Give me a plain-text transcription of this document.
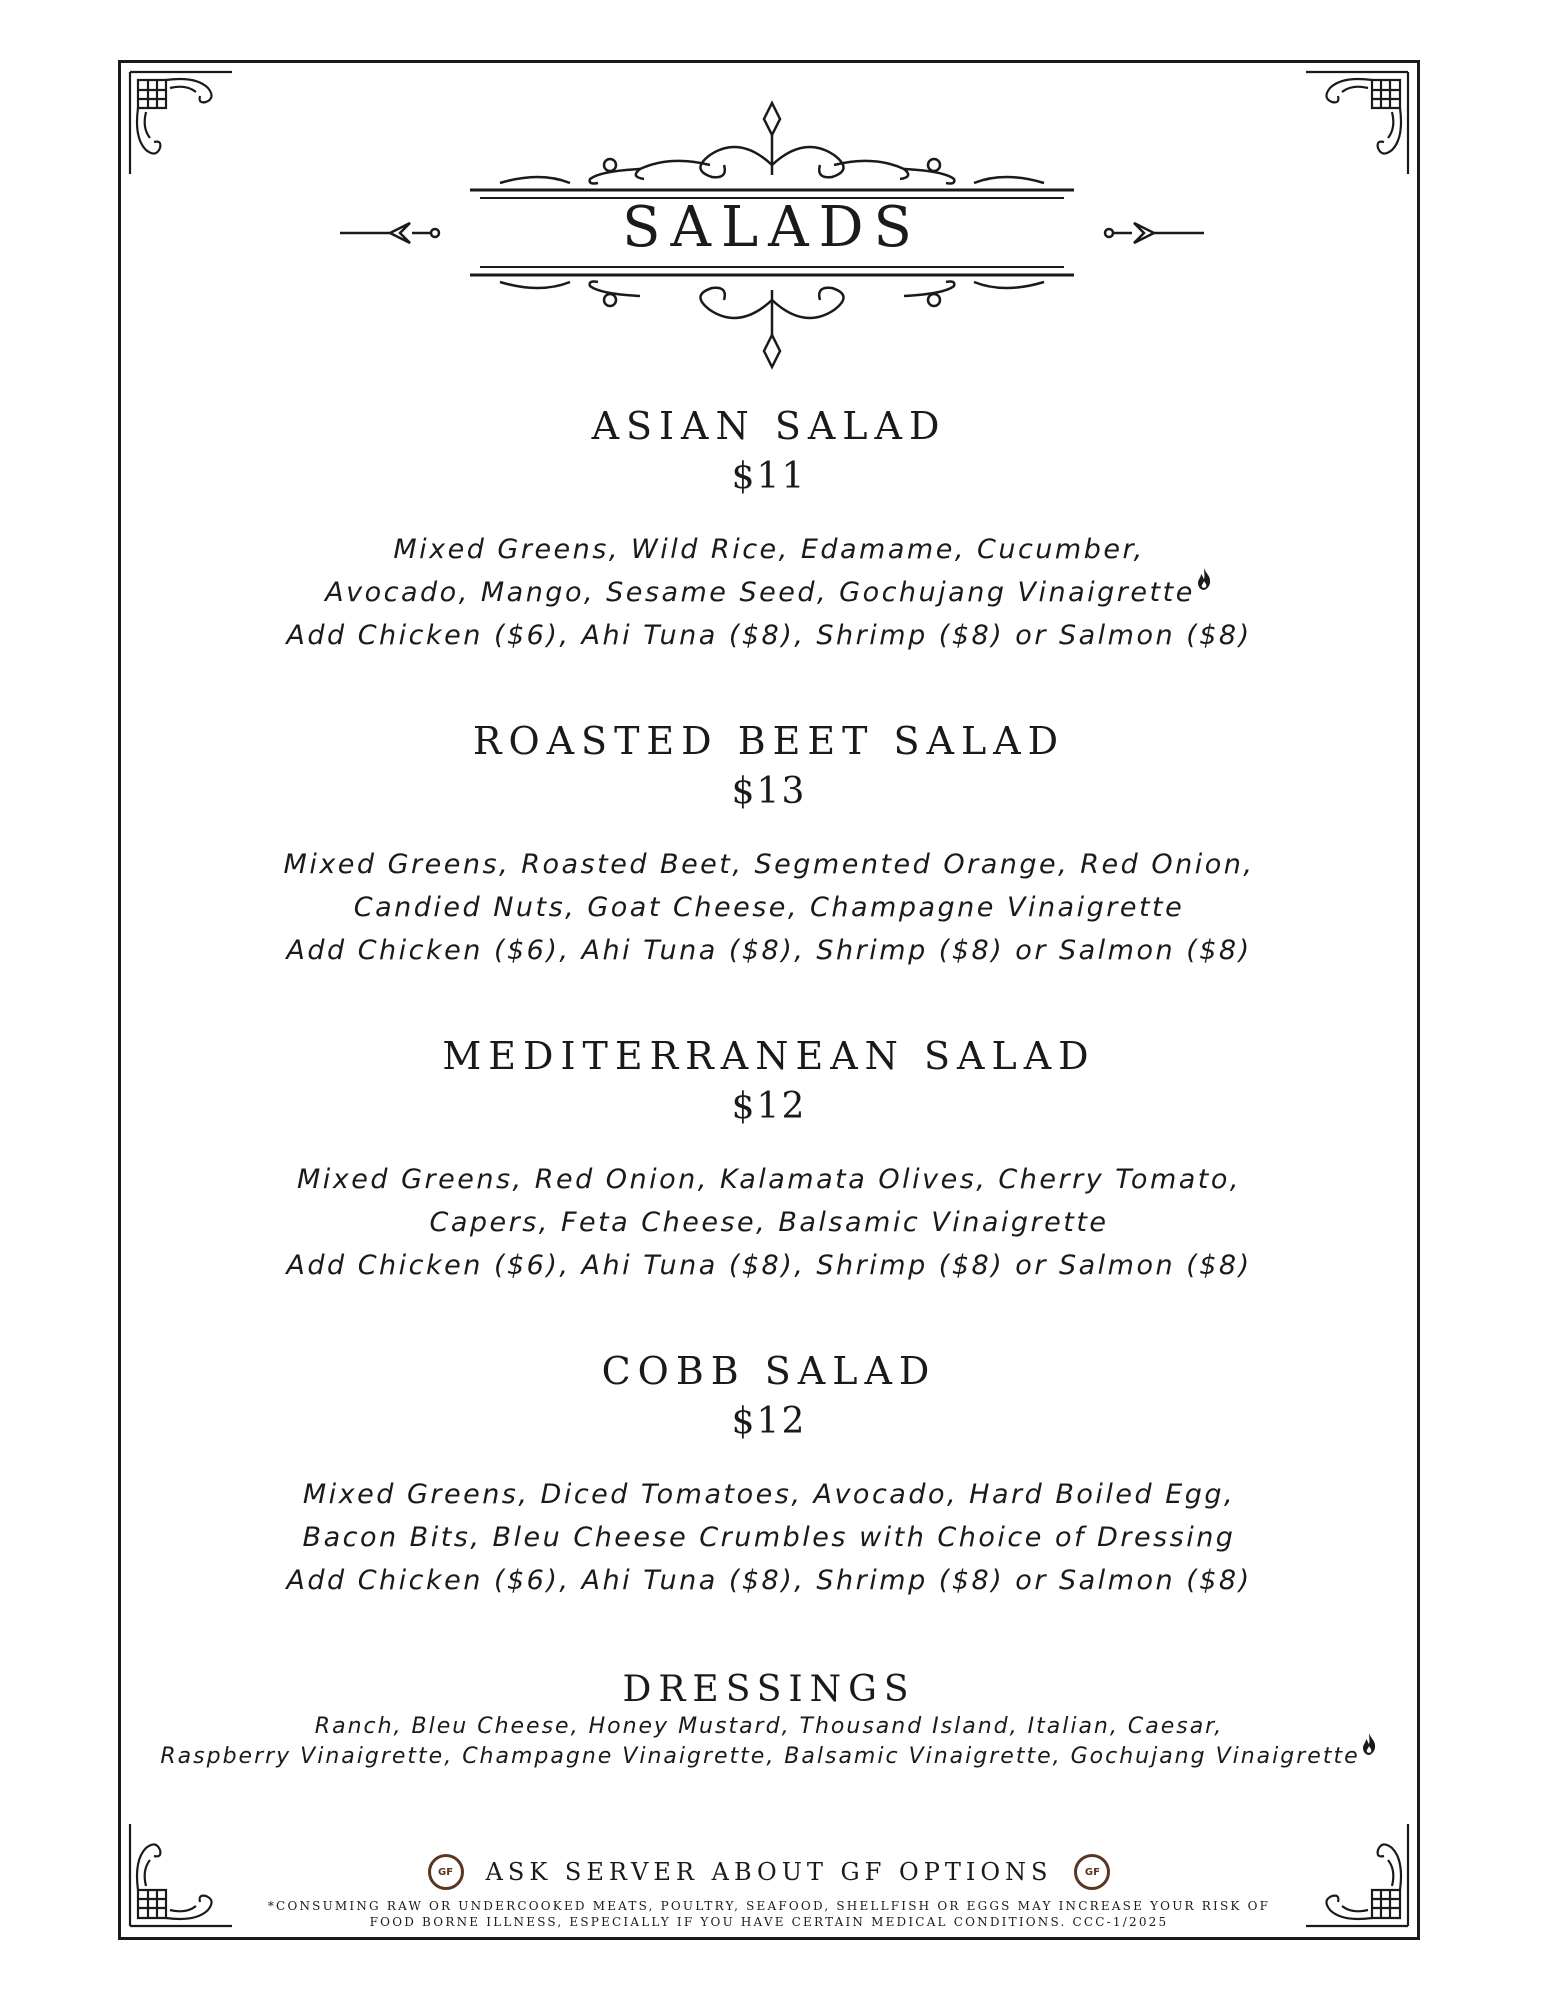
SALADS
ASIAN SALAD
$11
Mixed Greens, Wild Rice, Edamame, Cucumber,
Avocado, Mango, Sesame Seed, Gochujang Vinaigrette
Add Chicken ($6), Ahi Tuna ($8), Shrimp ($8) or Salmon ($8)
ROASTED BEET SALAD
$13
Mixed Greens, Roasted Beet, Segmented Orange, Red Onion,
Candied Nuts, Goat Cheese, Champagne Vinaigrette
Add Chicken ($6), Ahi Tuna ($8), Shrimp ($8) or Salmon ($8)
MEDITERRANEAN SALAD
$12
Mixed Greens, Red Onion, Kalamata Olives, Cherry Tomato,
Capers, Feta Cheese, Balsamic Vinaigrette
Add Chicken ($6), Ahi Tuna ($8), Shrimp ($8) or Salmon ($8)
COBB SALAD
$12
Mixed Greens, Diced Tomatoes, Avocado, Hard Boiled Egg,
Bacon Bits, Bleu Cheese Crumbles with Choice of Dressing
Add Chicken ($6), Ahi Tuna ($8), Shrimp ($8) or Salmon ($8)
DRESSINGS
Ranch, Bleu Cheese, Honey Mustard, Thousand Island, Italian, Caesar,
Raspberry Vinaigrette, Champagne Vinaigrette, Balsamic Vinaigrette, Gochujang Vinaigrette
GF	ASK SERVER ABOUT GF OPTIONS	GF
*CONSUMING RAW OR UNDERCOOKED MEATS, POULTRY, SEAFOOD, SHELLFISH OR EGGS MAY INCREASE YOUR RISK OF
FOOD BORNE ILLNESS, ESPECIALLY IF YOU HAVE CERTAIN MEDICAL CONDITIONS. CCC-1/2025
